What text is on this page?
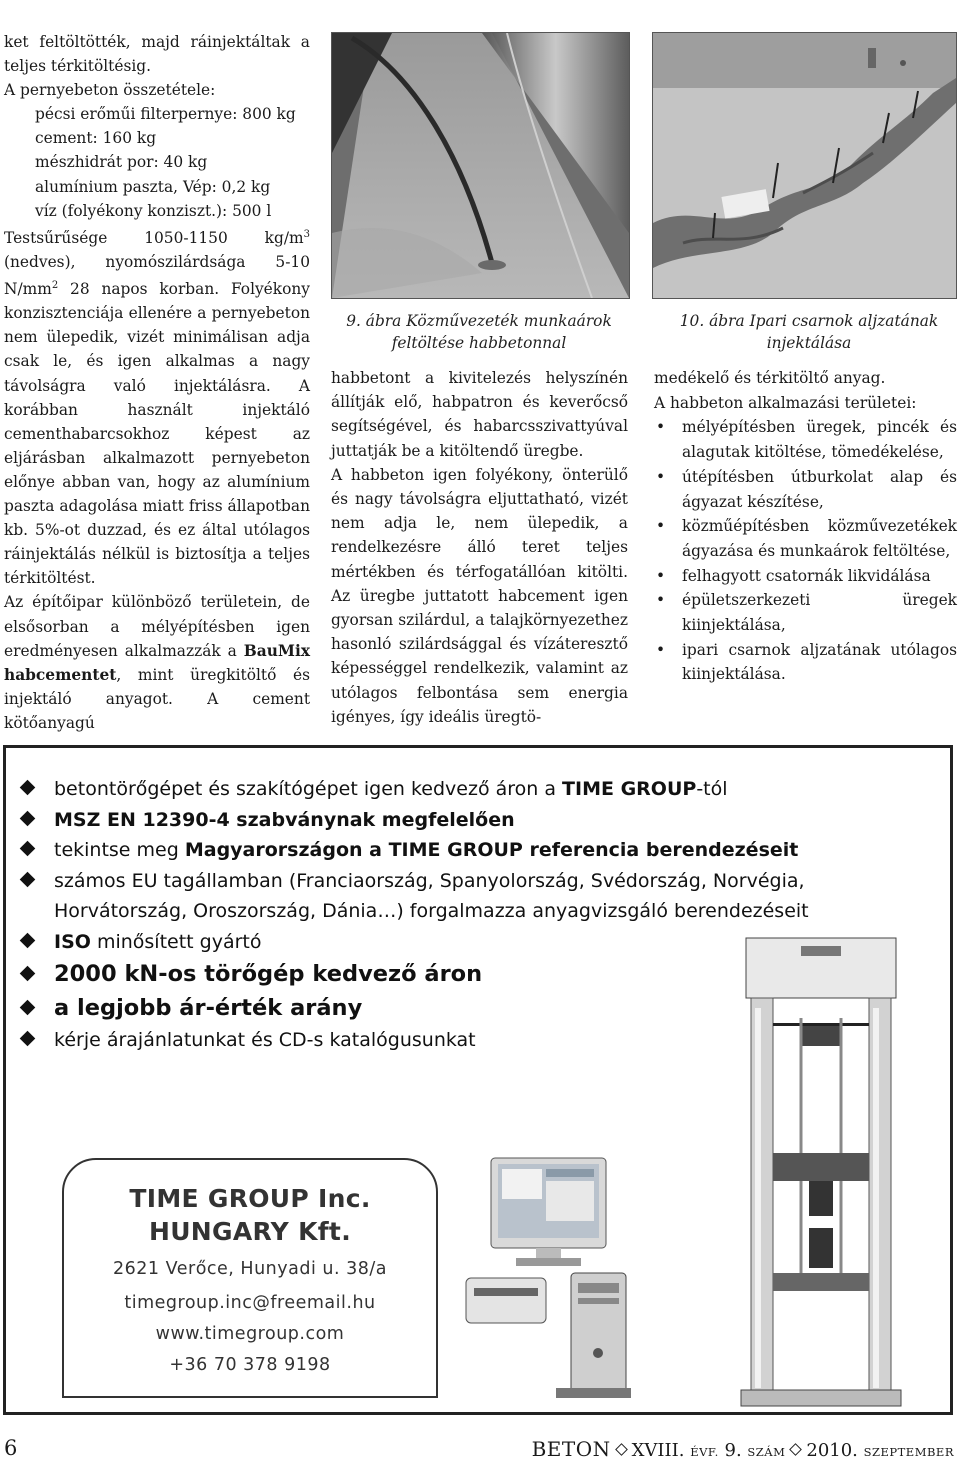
ket feltöltötték, majd ráinjektáltak a teljes térkitöltésig.

A pernyebeton összetétele:

pécsi erőműi filterpernye: 800 kg
cement: 160 kg
mészhidrát por: 40 kg
alumínium paszta, Vép: 0,2 kg
víz (folyékony konziszt.): 500 l

Testsűrűsége 1050-1150 $kg/m^3$ (nedves), nyomószilárdsága 5-10 $N/mm^2$ 28 napos korban. Folyékony konzisztenciája ellenére a pernyebeton nem ülepedik, vizét minimálisan adja csak le, és igen alkalmas a nagy távolságra való injektálásra. A korábban használt injektáló cementhabarcsokhoz képest az eljárásban alkalmazott pernyebeton előnye abban van, hogy az alumínium paszta adagolása miatt friss állapotban kb. 5%-ot duzzad, és ez által utólagos ráinjektálás nélkül is biztosítja a teljes térkitöltést.

Az építőipar különböző területein, de elsősorban a mélyépítésben igen eredményesen alkalmazzák a BauMix habcementet, mint üregkitöltő és injektáló anyagot. A cement kötőanyagú

9. ábra Közművezeték munkaárok feltöltése habbetonnal
10. ábra Ipari csarnok aljzatának injektálása

habbetont a kivitelezés helyszínén állítják elő, habpatron és keverőcső segítségével, és habarcsszivattyúval juttatják be a kitöltendő üregbe.

A habbeton igen folyékony, önterülő és nagy távolságra eljuttatható, vizét nem adja le, nem ülepedik, a rendelkezésre álló teret teljes mértékben és térfogatállóan kitölti. Az üregbe juttatott habcement igen gyorsan szilárdul, a talajkörnyezethez hasonló szilárdsággal és vízáteresztő képességgel rendelkezik, valamint az utólagos felbontása sem energia igényes, így ideális üregtö-

medékelő és térkitöltő anyag.

A habbeton alkalmazási területei:

• mélyépítésben üregek, pincék és alagutak kitöltése, tömedékelése,
• útépítésben útburkolat alap és ágyazat készítése,
• közműépítésben közművezetékek ágyazása és munkaárok feltöltése,
• felhagyott csatornák likvidálása
• épületszerkezeti üregek kiinjektálása,
• ipari csarnok aljzatának utólagos kiinjektálása.
betontörőgépet és szakítógépet igen kedvező áron a TIME GROUP-tól
MSZ EN 12390-4 szabványnak megfelelően
tekintse meg Magyarországon a TIME GROUP referencia berendezéseit
számos EU tagállamban (Franciaország, Spanyolország, Svédország, Norvégia, Horvátország, Oroszország, Dánia…) forgalmazza anyagvizsgáló berendezéseit
ISO minősített gyártó
2000 kN-os törőgép kedvező áron
a legjobb ár-érték arány
kérje árajánlatunkat és CD-s katalógusunkat
TIME GROUP Inc.
HUNGARY Kft.
2621 Verőce, Hunyadi u. 38/a
timegroup.inc@freemail.hu
www.timegroup.com
+36 70 378 9198
6	BETON XVIII. ÉVF. 9. SZÁM 2010. SZEPTEMBER
